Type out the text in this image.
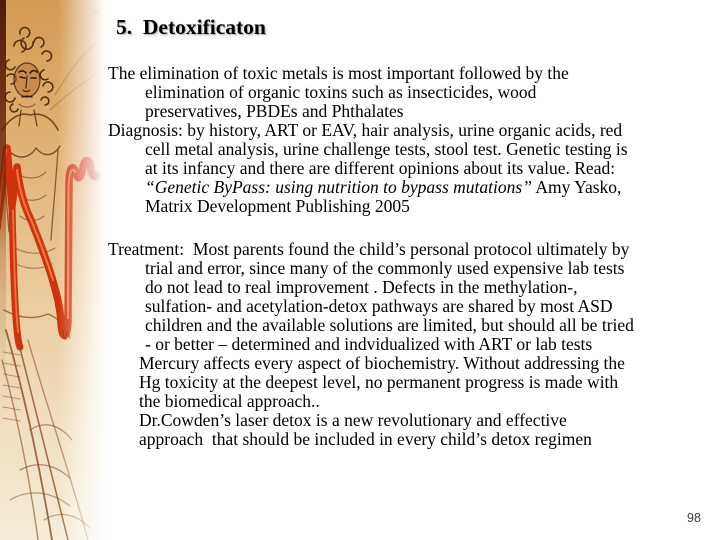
5.  Detoxificaton
The elimination of toxic metals is most important followed by the
elimination of organic toxins such as insecticides, wood
preservatives, PBDEs and Phthalates
Diagnosis: by history, ART or EAV, hair analysis, urine organic acids, red
cell metal analysis, urine challenge tests, stool test. Genetic testing is
at its infancy and there are different opinions about its value. Read:
“Genetic ByPass: using nutrition to bypass mutations” Amy Yasko,
Matrix Development Publishing 2005
Treatment:  Most parents found the child’s personal protocol ultimately by
trial and error, since many of the commonly used expensive lab tests
do not lead to real improvement . Defects in the methylation-,
sulfation- and acetylation-detox pathways are shared by most ASD
children and the available solutions are limited, but should all be tried
- or better – determined and indvidualized with ART or lab tests
Mercury affects every aspect of biochemistry. Without addressing the
Hg toxicity at the deepest level, no permanent progress is made with
the biomedical approach..
Dr.Cowden’s laser detox is a new revolutionary and effective
approach  that should be included in every child’s detox regimen
98
